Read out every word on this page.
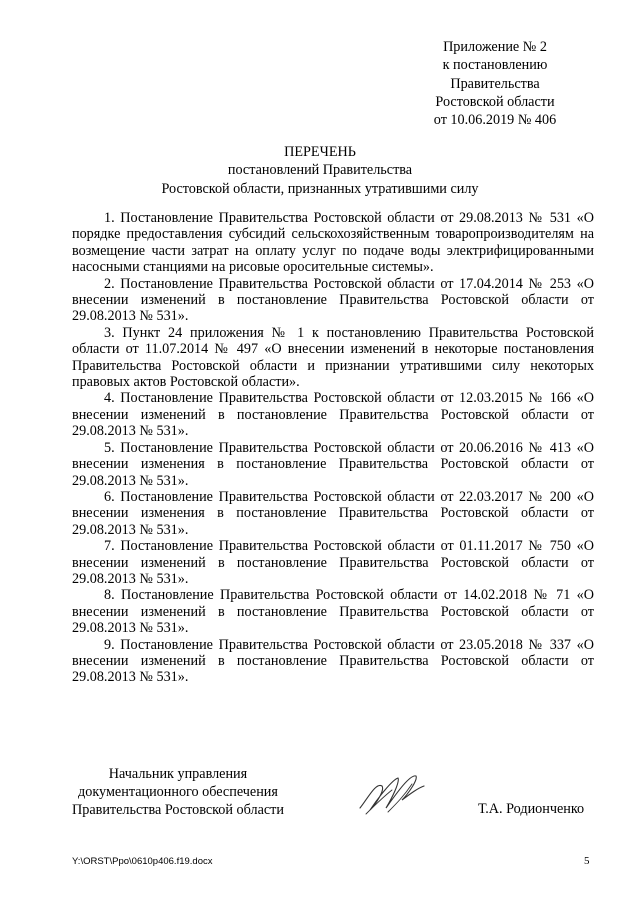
Приложение № 2
к постановлению
Правительства
Ростовской области
от 10.06.2019 № 406
ПЕРЕЧЕНЬ
постановлений Правительства
Ростовской области, признанных утратившими силу

1. Постановление Правительства Ростовской области от 29.08.2013 № 531 «О порядке предоставления субсидий сельскохозяйственным товаропроизводителям на возмещение части затрат на оплату услуг по подаче воды электрифицированными насосными станциями на рисовые оросительные системы».

2. Постановление Правительства Ростовской области от 17.04.2014 № 253 «О внесении изменений в постановление Правительства Ростовской области от 29.08.2013 № 531».

3. Пункт 24 приложения № 1 к постановлению Правительства Ростовской области от 11.07.2014 № 497 «О внесении изменений в некоторые постановления Правительства Ростовской области и признании утратившими силу некоторых правовых актов Ростовской области».

4. Постановление Правительства Ростовской области от 12.03.2015 № 166 «О внесении изменений в постановление Правительства Ростовской области от 29.08.2013 № 531».

5. Постановление Правительства Ростовской области от 20.06.2016 № 413 «О внесении изменения в постановление Правительства Ростовской области от 29.08.2013 № 531».

6. Постановление Правительства Ростовской области от 22.03.2017 № 200 «О внесении изменения в постановление Правительства Ростовской области от 29.08.2013 № 531».

7. Постановление Правительства Ростовской области от 01.11.2017 № 750 «О внесении изменений в постановление Правительства Ростовской области от 29.08.2013 № 531».

8. Постановление Правительства Ростовской области от 14.02.2018 № 71 «О внесении изменений в постановление Правительства Ростовской области от 29.08.2013 № 531».

9. Постановление Правительства Ростовской области от 23.05.2018 № 337 «О внесении изменений в постановление Правительства Ростовской области от 29.08.2013 № 531».

Начальник управления
документационного обеспечения
Правительства Ростовской области	Т.А. Родионченко
Y:\ORST\Ppo\0610p406.f19.docx	5
